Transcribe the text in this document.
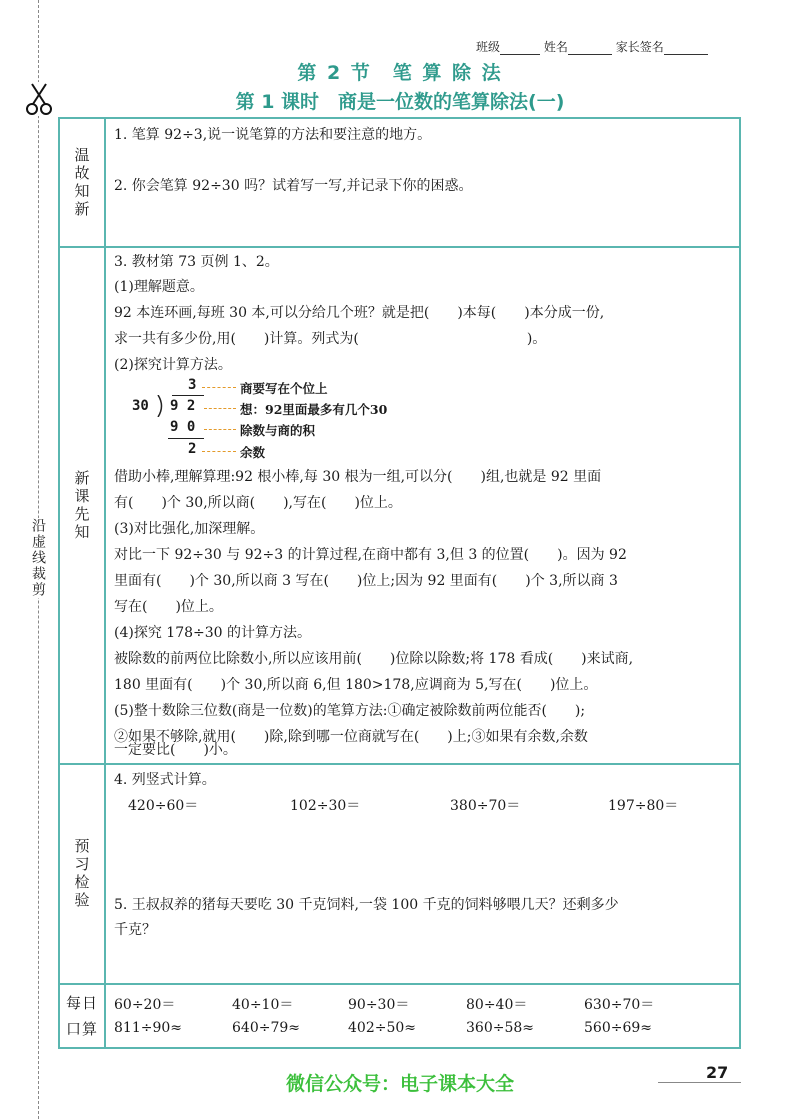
沿虚线裁剪
班级	姓名	家长签名
第 2 节　笔 算 除 法
第 1 课时　商是一位数的笔算除法(一)
温故知新
1. 笔算 92÷3,说一说笔算的方法和要注意的地方。
2. 你会笔算 92÷30 吗？试着写一写,并记录下你的困惑。
新课先知
3. 教材第 73 页例 1、2。
(1)理解题意。
92 本连环画,每班 30 本,可以分给几个班？就是把(　　)本每(　　)本分成一份,
求一共有多少份,用(　　)计算。列式为(　　　　　　　　　　　　)。
(2)探究计算方法。
3
30 9 2
9 0
2
商要写在个位上
想：92里面最多有几个30
除数与商的积
余数
借助小棒,理解算理:92 根小棒,每 30 根为一组,可以分(　　)组,也就是 92 里面
有(　　)个 30,所以商(　　),写在(　　)位上。
(3)对比强化,加深理解。
对比一下 92÷30 与 92÷3 的计算过程,在商中都有 3,但 3 的位置(　　)。因为 92
里面有(　　)个 30,所以商 3 写在(　　)位上;因为 92 里面有(　　)个 3,所以商 3
写在(　　)位上。
(4)探究 178÷30 的计算方法。
被除数的前两位比除数小,所以应该用前(　　)位除以除数;将 178 看成(　　)来试商,
180 里面有(　　)个 30,所以商 6,但 180>178,应调商为 5,写在(　　)位上。
(5)整十数除三位数(商是一位数)的笔算方法:①确定被除数前两位能否(　　);
②如果不够除,就用(　　)除,除到哪一位商就写在(　　)上;③如果有余数,余数
一定要比(　　)小。
预习检验
4. 列竖式计算。
420÷60＝	102÷30＝	380÷70＝	197÷80＝
5. 王叔叔养的猪每天要吃 30 千克饲料,一袋 100 千克的饲料够喂几天？还剩多少
千克？
每日
口算
60÷20＝	40÷10＝	90÷30＝	80÷40＝	630÷70＝
811÷90≈	640÷79≈	402÷50≈	360÷58≈	560÷69≈
27
微信公众号：电子课本大全
